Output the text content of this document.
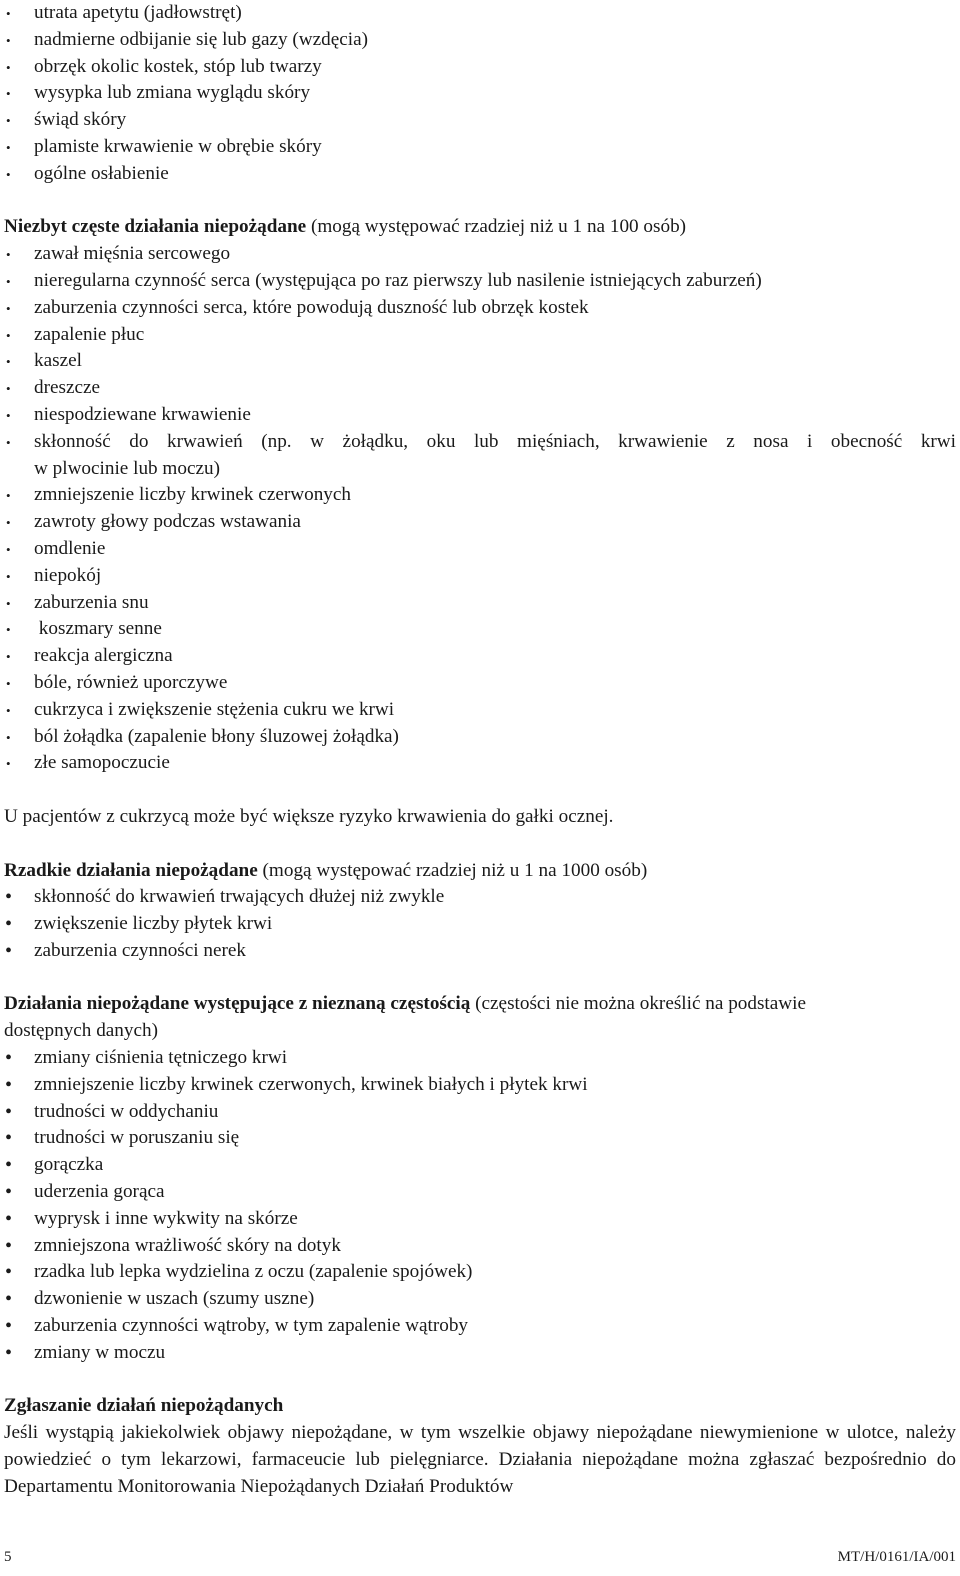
• utrata apetytu (jadłowstręt)
• nadmierne odbijanie się lub gazy (wzdęcia)
• obrzęk okolic kostek, stóp lub twarzy
• wysypka lub zmiana wyglądu skóry
• świąd skóry
• plamiste krwawienie w obrębie skóry
• ogólne osłabienie
Niezbyt częste działania niepożądane (mogą występować rzadziej niż u 1 na 100 osób)
• zawał mięśnia sercowego
• nieregularna czynność serca (występująca po raz pierwszy lub nasilenie istniejących zaburzeń)
• zaburzenia czynności serca, które powodują duszność lub obrzęk kostek
• zapalenie płuc
• kaszel
• dreszcze
• niespodziewane krwawienie
• skłonność do krwawień (np. w żołądku, oku lub mięśniach, krwawienie z nosa i obecność krwi
w plwocinie lub moczu)
• zmniejszenie liczby krwinek czerwonych
• zawroty głowy podczas wstawania
• omdlenie
• niepokój
• zaburzenia snu
• koszmary senne
• reakcja alergiczna
• bóle, również uporczywe
• cukrzyca i zwiększenie stężenia cukru we krwi
• ból żołądka (zapalenie błony śluzowej żołądka)
• złe samopoczucie
U pacjentów z cukrzycą może być większe ryzyko krwawienia do gałki ocznej.
Rzadkie działania niepożądane (mogą występować rzadziej niż u 1 na 1000 osób)
• skłonność do krwawień trwających dłużej niż zwykle
• zwiększenie liczby płytek krwi
• zaburzenia czynności nerek
Działania niepożądane występujące z nieznaną częstością (częstości nie można określić na podstawie dostępnych danych)
• zmiany ciśnienia tętniczego krwi
• zmniejszenie liczby krwinek czerwonych, krwinek białych i płytek krwi
• trudności w oddychaniu
• trudności w poruszaniu się
• gorączka
• uderzenia gorąca
• wyprysk i inne wykwity na skórze
• zmniejszona wrażliwość skóry na dotyk
• rzadka lub lepka wydzielina z oczu (zapalenie spojówek)
• dzwonienie w uszach (szumy uszne)
• zaburzenia czynności wątroby, w tym zapalenie wątroby
• zmiany w moczu
Zgłaszanie działań niepożądanych
Jeśli wystąpią jakiekolwiek objawy niepożądane, w tym wszelkie objawy niepożądane niewymienione w ulotce, należy powiedzieć o tym lekarzowi, farmaceucie lub pielęgniarce. Działania niepożądane można zgłaszać bezpośrednio do Departamentu Monitorowania Niepożądanych Działań Produktów
5	MT/H/0161/IA/001
